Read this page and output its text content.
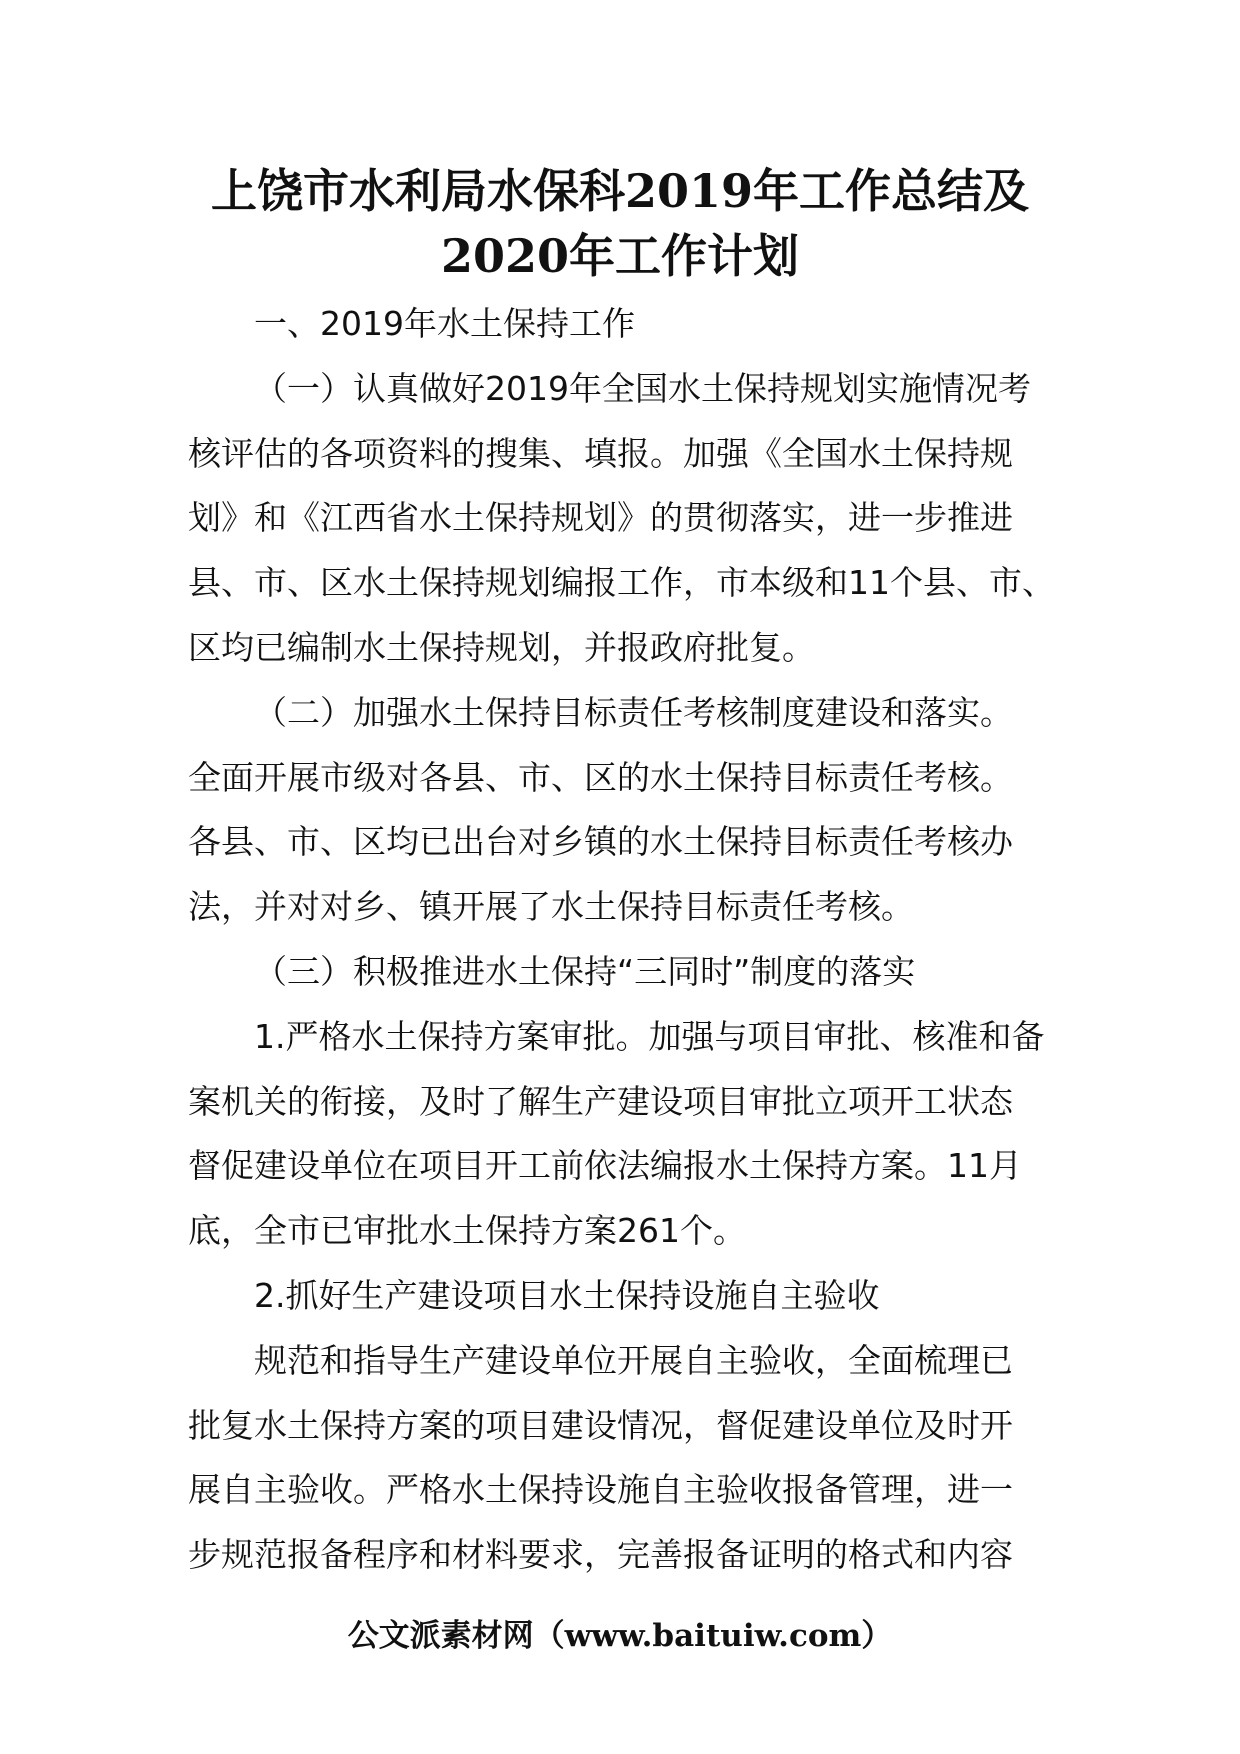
上饶市水利局水保科2019年工作总结及
2020年工作计划

一、2019年水土保持工作

（一）认真做好2019年全国水土保持规划实施情况考

核评估的各项资料的搜集、填报。加强《全国水土保持规

划》和《江西省水土保持规划》的贯彻落实，进一步推进

县、市、区水土保持规划编报工作，市本级和11个县、市、

区均已编制水土保持规划，并报政府批复。

（二）加强水土保持目标责任考核制度建设和落实。

全面开展市级对各县、市、区的水土保持目标责任考核。

各县、市、区均已出台对乡镇的水土保持目标责任考核办

法，并对对乡、镇开展了水土保持目标责任考核。

（三）积极推进水土保持“三同时”制度的落实

1.严格水土保持方案审批。加强与项目审批、核准和备

案机关的衔接，及时了解生产建设项目审批立项开工状态

督促建设单位在项目开工前依法编报水土保持方案。11月

底，全市已审批水土保持方案261个。

2.抓好生产建设项目水土保持设施自主验收

规范和指导生产建设单位开展自主验收，全面梳理已

批复水土保持方案的项目建设情况，督促建设单位及时开

展自主验收。严格水土保持设施自主验收报备管理，进一

步规范报备程序和材料要求，完善报备证明的格式和内容

公文派素材网（www.baituiw.com）
